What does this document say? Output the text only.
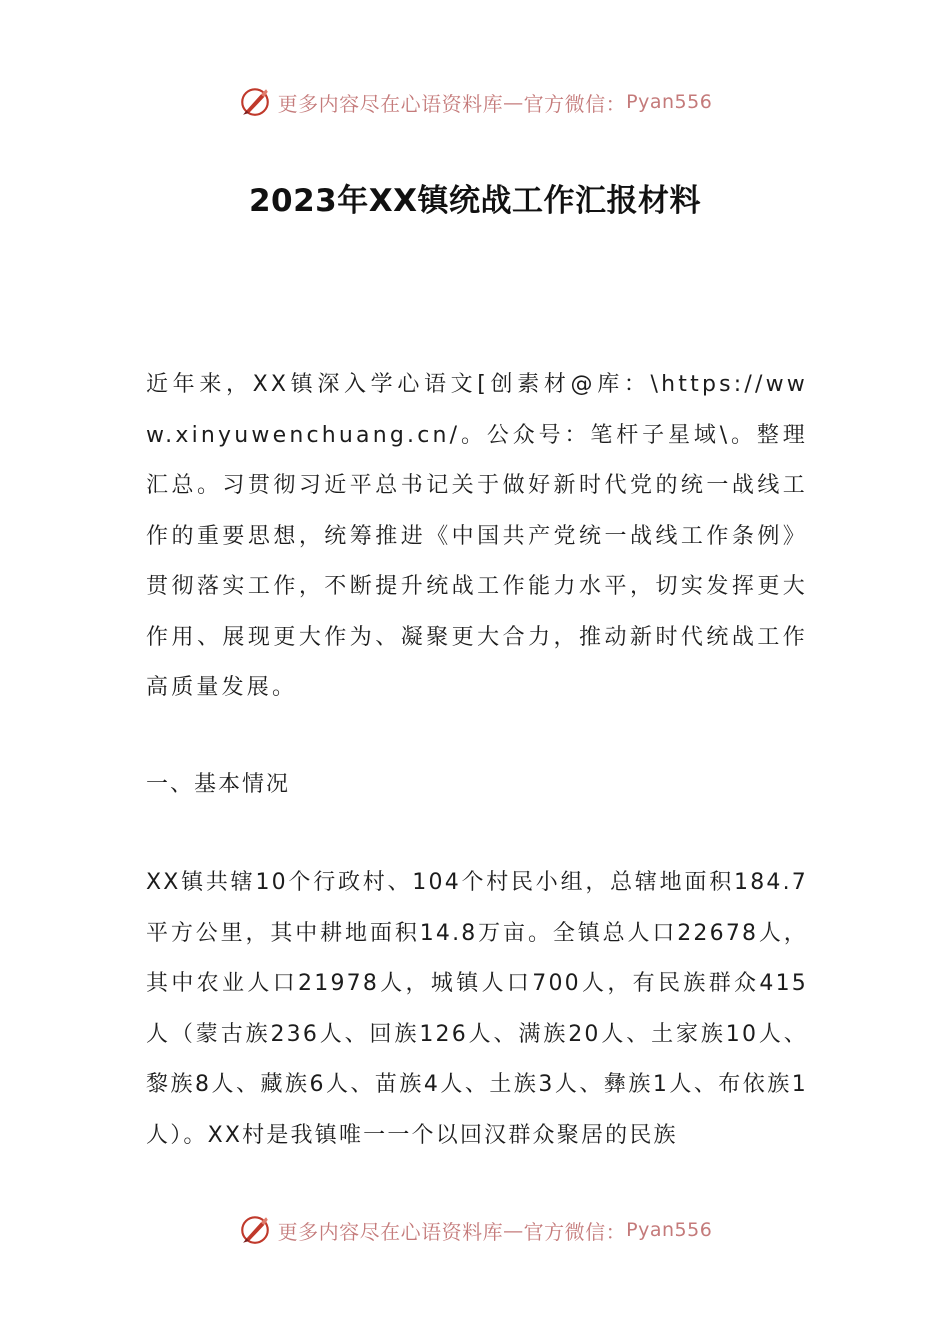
更多内容尽在心语资料库 — 官方微信： Pyan556
2023年XX镇统战工作汇报材料

近年来，XX镇深入学心语文[创素材@库：\https://www.xinyuwenchuang.cn/。公众号：笔杆子星域\。整理汇总。习贯彻习近平总书记关于做好新时代党的统一战线工作的重要思想，统筹推进《中国共产党统一战线工作条例》贯彻落实工作，不断提升统战工作能力水平，切实发挥更大作用、展现更大作为、凝聚更大合力，推动新时代统战工作高质量发展。

一、基本情况

XX镇共辖10个行政村、104个村民小组，总辖地面积184.7平方公里，其中耕地面积14.8万亩。全镇总人口22678人，其中农业人口21978人，城镇人口700人，有民族群众415人（蒙古族236人、回族126人、满族20人、土家族10人、黎族8人、藏族6人、苗族4人、土族3人、彝族1人、布依族1人）。XX村是我镇唯一一个以回汉群众聚居的民族

更多内容尽在心语资料库 — 官方微信： Pyan556
